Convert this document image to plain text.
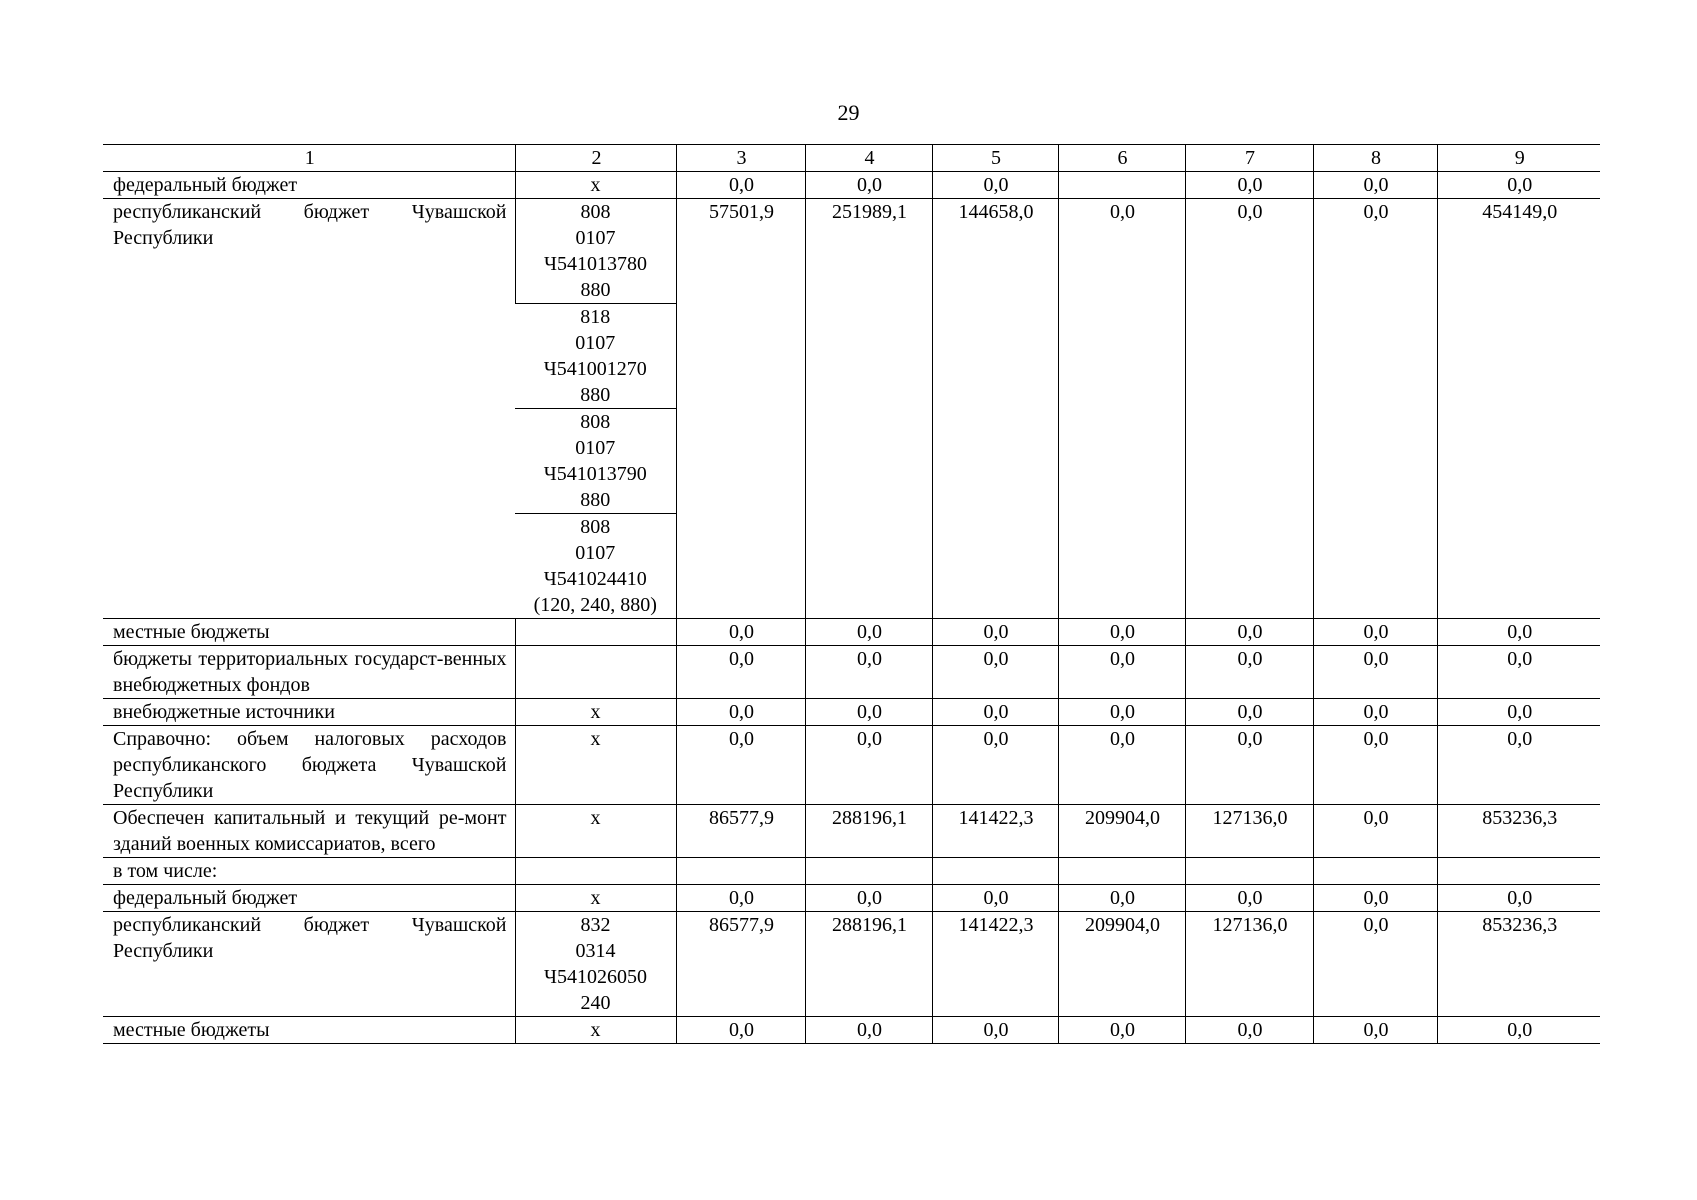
29
1	2	3	4	5	6	7	8	9
федеральный бюджет	х	0,0	0,0	0,0		0,0	0,0	0,0
республиканский бюджет Чувашской Республики	808
0107
Ч541013780
880	57501,9	251989,1	144658,0	0,0	0,0	0,0	454149,0

	818
0107
Ч541001270
880							

	808
0107
Ч541013790
880							

	808
0107
Ч541024410
(120, 240, 880)							

местные бюджеты		0,0	0,0	0,0	0,0	0,0	0,0	0,0
бюджеты территориальных государст-венных внебюджетных фондов		0,0	0,0	0,0	0,0	0,0	0,0	0,0
внебюджетные источники	х	0,0	0,0	0,0	0,0	0,0	0,0	0,0
Справочно: объем налоговых расходов республиканского бюджета Чувашской Республики	х	0,0	0,0	0,0	0,0	0,0	0,0	0,0
Обеспечен капитальный и текущий ре-монт зданий военных комиссариатов, всего	х	86577,9	288196,1	141422,3	209904,0	127136,0	0,0	853236,3
в том числе:								
федеральный бюджет	х	0,0	0,0	0,0	0,0	0,0	0,0	0,0
республиканский бюджет Чувашской Республики	832
0314
Ч541026050
240	86577,9	288196,1	141422,3	209904,0	127136,0	0,0	853236,3
местные бюджеты	х	0,0	0,0	0,0	0,0	0,0	0,0	0,0
